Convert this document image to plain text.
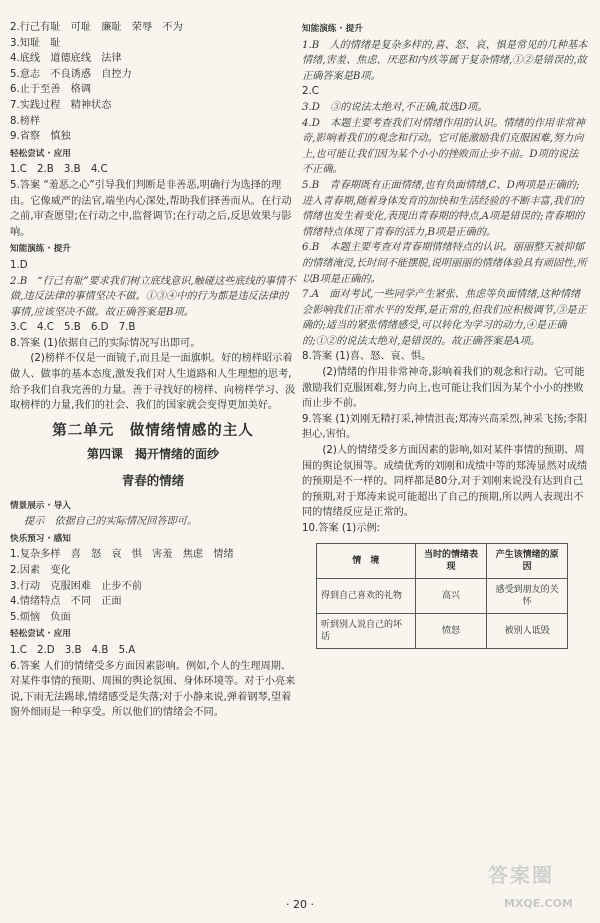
2.行己有耻　可耻　廉耻　荣辱　不为
3.知耻　耻
4.底线　道德底线　法律
5.意志　不良诱惑　自控力
6.止于至善　格调
7.实践过程　精神状态
8.榜样
9.省察　慎独
轻松尝试 · 应用
1.C　2.B　3.B　4.C
5.答案 “羞恶之心”引导我们判断是非善恶,明确行为选择的理由。它像威严的法官,端坐内心深处,帮助我们择善而从。在行动之前,审查愿望;在行动之中,监督调节;在行动之后,反思效果与影响。
知能演练 · 提升
1.D
2.B　“行己有耻”要求我们树立底线意识,触碰这些底线的事情不做,违反法律的事情坚决不做。①③④中的行为都是违反法律的事情,应该坚决不做。故正确答案是B项。
3.C　4.C　5.B　6.D　7.B
8.答案 (1)依据自己的实际情况写出即可。
(2)榜样不仅是一面镜子,而且是一面旗帜。好的榜样昭示着做人、做事的基本态度,激发我们对人生道路和人生理想的思考,给予我们自我完善的力量。善于寻找好的榜样、向榜样学习、汲取榜样的力量,我们的社会、我们的国家就会变得更加美好。
第二单元　做情绪情感的主人
第四课　揭开情绪的面纱
青春的情绪
情景展示 · 导入
提示　依据自己的实际情况回答即可。
快乐预习 · 感知
1.复杂多样　喜　怒　哀　惧　害羞　焦虑　情绪
2.因素　变化
3.行动　克服困难　止步不前
4.情绪特点　不同　正面
5.烦恼　负面
轻松尝试 · 应用
1.C　2.D　3.B　4.B　5.A
6.答案 人们的情绪受多方面因素影响。例如,个人的生理周期、对某件事情的预期、周围的舆论氛围、身体环境等。对于小亮来说,下雨无法踢球,情绪感受是失落;对于小静来说,弹着钢琴,望着窗外细雨是一种享受。所以他们的情绪会不同。
知能演练 · 提升
1.B　人的情绪是复杂多样的,喜、怒、哀、惧是常见的几种基本情绪,害羞、焦虑、厌恶和内疚等属于复杂情绪,①②是错误的,故正确答案是B项。
2.C
3.D　③的说法太绝对,不正确,故选D项。
4.D　本题主要考查我们对情绪作用的认识。情绪的作用非常神奇,影响着我们的观念和行动。它可能激励我们克服困难,努力向上,也可能让我们因为某个小小的挫败而止步不前。D项的说法不正确。
5.B　青春期既有正面情绪,也有负面情绪,C、D两项是正确的;进入青春期,随着身体发育的加快和生活经验的不断丰富,我们的情绪也发生着变化,表现出青春期的特点,A项是错误的;青春期的情绪特点体现了青春的活力,B项是正确的。
6.B　本题主要考查对青春期情绪特点的认识。丽丽整天被抑郁的情绪淹没,长时间不能摆脱,说明丽丽的情绪体验具有顽固性,所以B项是正确的。
7.A　面对考试,一些同学产生紧张、焦虑等负面情绪,这种情绪会影响我们正常水平的发挥,是正常的,但我们应积极调节,③是正确的;适当的紧张情绪感受,可以转化为学习的动力,④是正确的;①②的说法太绝对,是错误的。故正确答案是A项。
8.答案 (1)喜、怒、哀、惧。
(2)情绪的作用非常神奇,影响着我们的观念和行动。它可能激励我们克服困难,努力向上,也可能让我们因为某个小小的挫败而止步不前。
9.答案 (1)刘刚无精打采,神情沮丧;郑涛兴高采烈,神采飞扬;李阳担心,害怕。
(2)人的情绪受多方面因素的影响,如对某件事情的预期、周围的舆论氛围等。成绩优秀的刘刚和成绩中等的郑涛显然对成绩的预期是不一样的。同样都是80分,对于刘刚来说没有达到自己的预期,对于郑涛来说可能超出了自己的预期,所以两人表现出不同的情绪反应是正常的。
10.答案 (1)示例:
情　境	当时的情绪表现	产生该情绪的原因
得到自己喜欢的礼物	高兴	感受到朋友的关怀
听到别人说自己的坏话	愤怒	被别人诋毁
· 20 ·
答案圈
MXQE.COM
